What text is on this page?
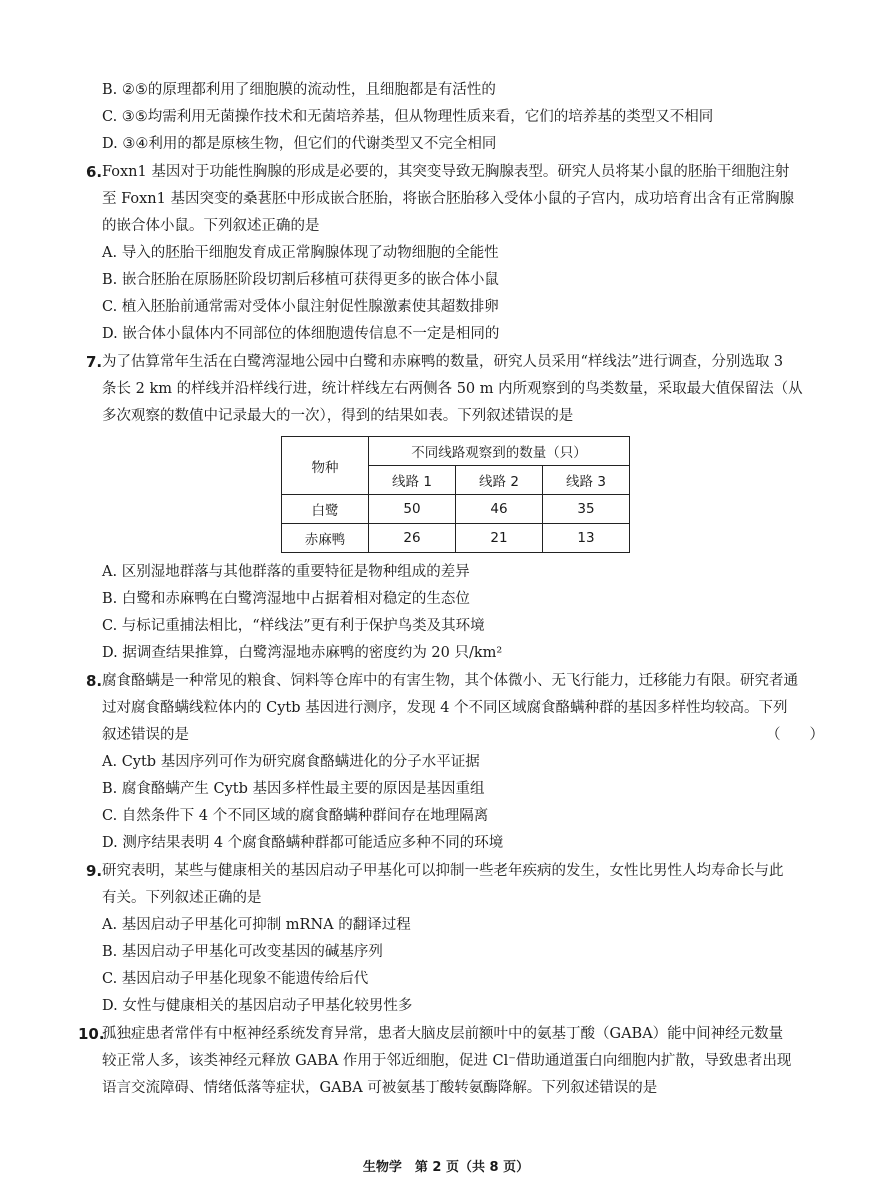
B. ②⑤的原理都利用了细胞膜的流动性，且细胞都是有活性的
C. ③⑤均需利用无菌操作技术和无菌培养基，但从物理性质来看，它们的培养基的类型又不相同
D. ③④利用的都是原核生物，但它们的代谢类型又不完全相同
6. Foxn1 基因对于功能性胸腺的形成是必要的，其突变导致无胸腺表型。研究人员将某小鼠的胚胎干细胞注射
至 Foxn1 基因突变的桑葚胚中形成嵌合胚胎，将嵌合胚胎移入受体小鼠的子宫内，成功培育出含有正常胸腺
的嵌合体小鼠。下列叙述正确的是
A. 导入的胚胎干细胞发育成正常胸腺体现了动物细胞的全能性
B. 嵌合胚胎在原肠胚阶段切割后移植可获得更多的嵌合体小鼠
C. 植入胚胎前通常需对受体小鼠注射促性腺激素使其超数排卵
D. 嵌合体小鼠体内不同部位的体细胞遗传信息不一定是相同的
7. 为了估算常年生活在白鹭湾湿地公园中白鹭和赤麻鸭的数量，研究人员采用“样线法”进行调查，分别选取 3
条长 2 km 的样线并沿样线行进，统计样线左右两侧各 50 m 内所观察到的鸟类数量，采取最大值保留法（从
多次观察的数值中记录最大的一次），得到的结果如表。下列叙述错误的是
物种	不同线路观察到的数量（只）		
	线路 1	线路 2	线路 3
白鹭	50	46	35
赤麻鸭	26	21	13
A. 区别湿地群落与其他群落的重要特征是物种组成的差异
B. 白鹭和赤麻鸭在白鹭湾湿地中占据着相对稳定的生态位
C. 与标记重捕法相比，“样线法”更有利于保护鸟类及其环境
D. 据调查结果推算，白鹭湾湿地赤麻鸭的密度约为 20 只/km²
8. 腐食酪螨是一种常见的粮食、饲料等仓库中的有害生物，其个体微小、无飞行能力，迁移能力有限。研究者通
过对腐食酪螨线粒体内的 Cytb 基因进行测序，发现 4 个不同区域腐食酪螨种群的基因多样性均较高。下列
叙述错误的是	（　　）
A. Cytb 基因序列可作为研究腐食酪螨进化的分子水平证据
B. 腐食酪螨产生 Cytb 基因多样性最主要的原因是基因重组
C. 自然条件下 4 个不同区域的腐食酪螨种群间存在地理隔离
D. 测序结果表明 4 个腐食酪螨种群都可能适应多种不同的环境
9. 研究表明，某些与健康相关的基因启动子甲基化可以抑制一些老年疾病的发生，女性比男性人均寿命长与此
有关。下列叙述正确的是
A. 基因启动子甲基化可抑制 mRNA 的翻译过程
B. 基因启动子甲基化可改变基因的碱基序列
C. 基因启动子甲基化现象不能遗传给后代
D. 女性与健康相关的基因启动子甲基化较男性多
10.
孤独症患者常伴有中枢神经系统发育异常，患者大脑皮层前额叶中的氨基丁酸（GABA）能中间神经元数量
较正常人多，该类神经元释放 GABA 作用于邻近细胞，促进 Cl⁻借助通道蛋白向细胞内扩散，导致患者出现
语言交流障碍、情绪低落等症状，GABA 可被氨基丁酸转氨酶降解。下列叙述错误的是
生物学　第 2 页（共 8 页）
